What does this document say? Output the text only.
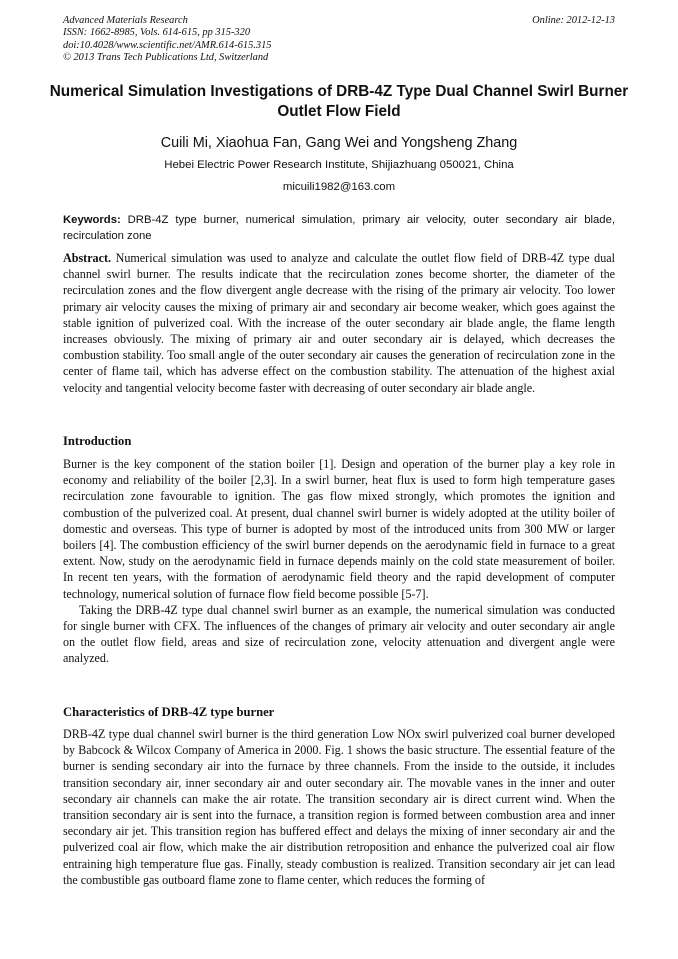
Advanced Materials Research
ISSN: 1662-8985, Vols. 614-615, pp 315-320
doi:10.4028/www.scientific.net/AMR.614-615.315
© 2013 Trans Tech Publications Ltd, Switzerland
Online: 2012-12-13
Numerical Simulation Investigations of DRB-4Z Type Dual Channel Swirl Burner Outlet Flow Field
Cuili Mi, Xiaohua Fan, Gang Wei and Yongsheng Zhang
Hebei Electric Power Research Institute, Shijiazhuang 050021, China
micuili1982@163.com
Keywords: DRB-4Z type burner, numerical simulation, primary air velocity, outer secondary air blade, recirculation zone
Abstract. Numerical simulation was used to analyze and calculate the outlet flow field of DRB-4Z type dual channel swirl burner. The results indicate that the recirculation zones become shorter, the diameter of the recirculation zones and the flow divergent angle decrease with the rising of the primary air velocity. Too lower primary air velocity causes the mixing of primary air and secondary air become weaker, which goes against the stable ignition of pulverized coal. With the increase of the outer secondary air blade angle, the flame length increases obviously. The mixing of primary air and outer secondary air is delayed, which decreases the combustion stability. Too small angle of the outer secondary air causes the generation of recirculation zone in the center of flame tail, which has adverse effect on the combustion stability. The attenuation of the highest axial velocity and tangential velocity become faster with decreasing of outer secondary air blade angle.
Introduction

Burner is the key component of the station boiler [1]. Design and operation of the burner play a key role in economy and reliability of the boiler [2,3]. In a swirl burner, heat flux is used to form high temperature gases recirculation zone favourable to ignition. The gas flow mixed strongly, which promotes the ignition and combustion of the pulverized coal. At present, dual channel swirl burner is widely adopted at the utility boiler of domestic and overseas. This type of burner is adopted by most of the introduced units from 300 MW or larger boilers [4]. The combustion efficiency of the swirl burner depends on the aerodynamic field in furnace to a great extent. Now, study on the aerodynamic field in furnace depends mainly on the cold state measurement of boiler. In recent ten years, with the formation of aerodynamic field theory and the rapid development of computer technology, numerical solution of furnace flow field become possible [5-7].

Taking the DRB-4Z type dual channel swirl burner as an example, the numerical simulation was conducted for single burner with CFX. The influences of the changes of primary air velocity and outer secondary air angle on the outlet flow field, areas and size of recirculation zone, velocity attenuation and divergent angle were analyzed.

Characteristics of DRB-4Z type burner

DRB-4Z type dual channel swirl burner is the third generation Low NOx swirl pulverized coal burner developed by Babcock & Wilcox Company of America in 2000. Fig. 1 shows the basic structure. The essential feature of the burner is sending secondary air into the furnace by three channels. From the inside to the outside, it includes transition secondary air, inner secondary air and outer secondary air. The movable vanes in the inner and outer secondary air channels can make the air rotate. The transition secondary air is direct current wind. When the transition secondary air is sent into the furnace, a transition region is formed between combustion area and inner secondary air jet. This transition region has buffered effect and delays the mixing of inner secondary air and the pulverized coal air flow, which make the air distribution retroposition and enhance the pulverized coal air flow entraining high temperature flue gas. Finally, steady combustion is realized. Transition secondary air jet can lead the combustible gas outboard flame zone to flame center, which reduces the forming of
